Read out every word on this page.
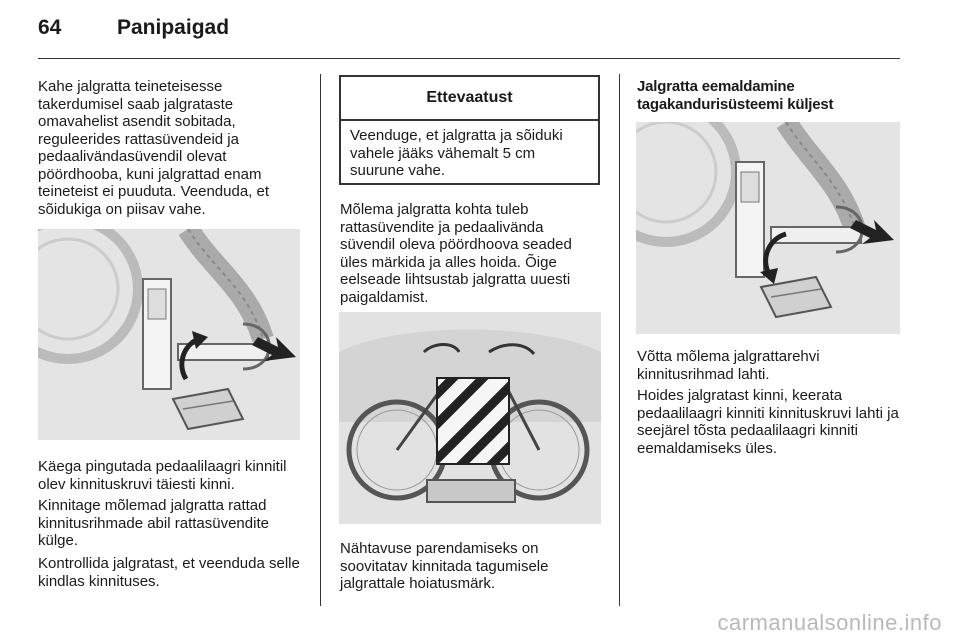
64	Panipaigad

Kahe jalgratta teineteisesse takerdumisel saab jalgrataste omavahelist asendit sobitada, reguleerides rattasüvendeid ja pedaalivändasüvendil olevat pöördhooba, kuni jalgrattad enam teineteist ei puuduta. Veenduda, et sõidukiga on piisav vahe.

Käega pingutada pedaalilaagri kinnitil olev kinnituskruvi täiesti kinni.

Kinnitage mõlemad jalgratta rattad kinnitusrihmade abil rattasüvendite külge.

Kontrollida jalgratast, et veenduda selle kindlas kinnituses.

Ettevaatust
Veenduge, et jalgratta ja sõiduki vahele jääks vähemalt 5 cm suurune vahe.

Mõlema jalgratta kohta tuleb rattasüvendite ja pedaalivända süvendil oleva pöördhoova seaded üles märkida ja alles hoida. Õige eelseade lihtsustab jalgratta uuesti paigaldamist.

Nähtavuse parendamiseks on soovitatav kinnitada tagumisele jalgrattale hoiatusmärk.

Jalgratta eemaldamine tagakandurisüsteemi küljest

Võtta mõlema jalgrattarehvi kinnitusrihmad lahti.

Hoides jalgratast kinni, keerata pedaalilaagri kinniti kinnituskruvi lahti ja seejärel tõsta pedaalilaagri kinniti eemaldamiseks üles.

carmanualsonline.info
